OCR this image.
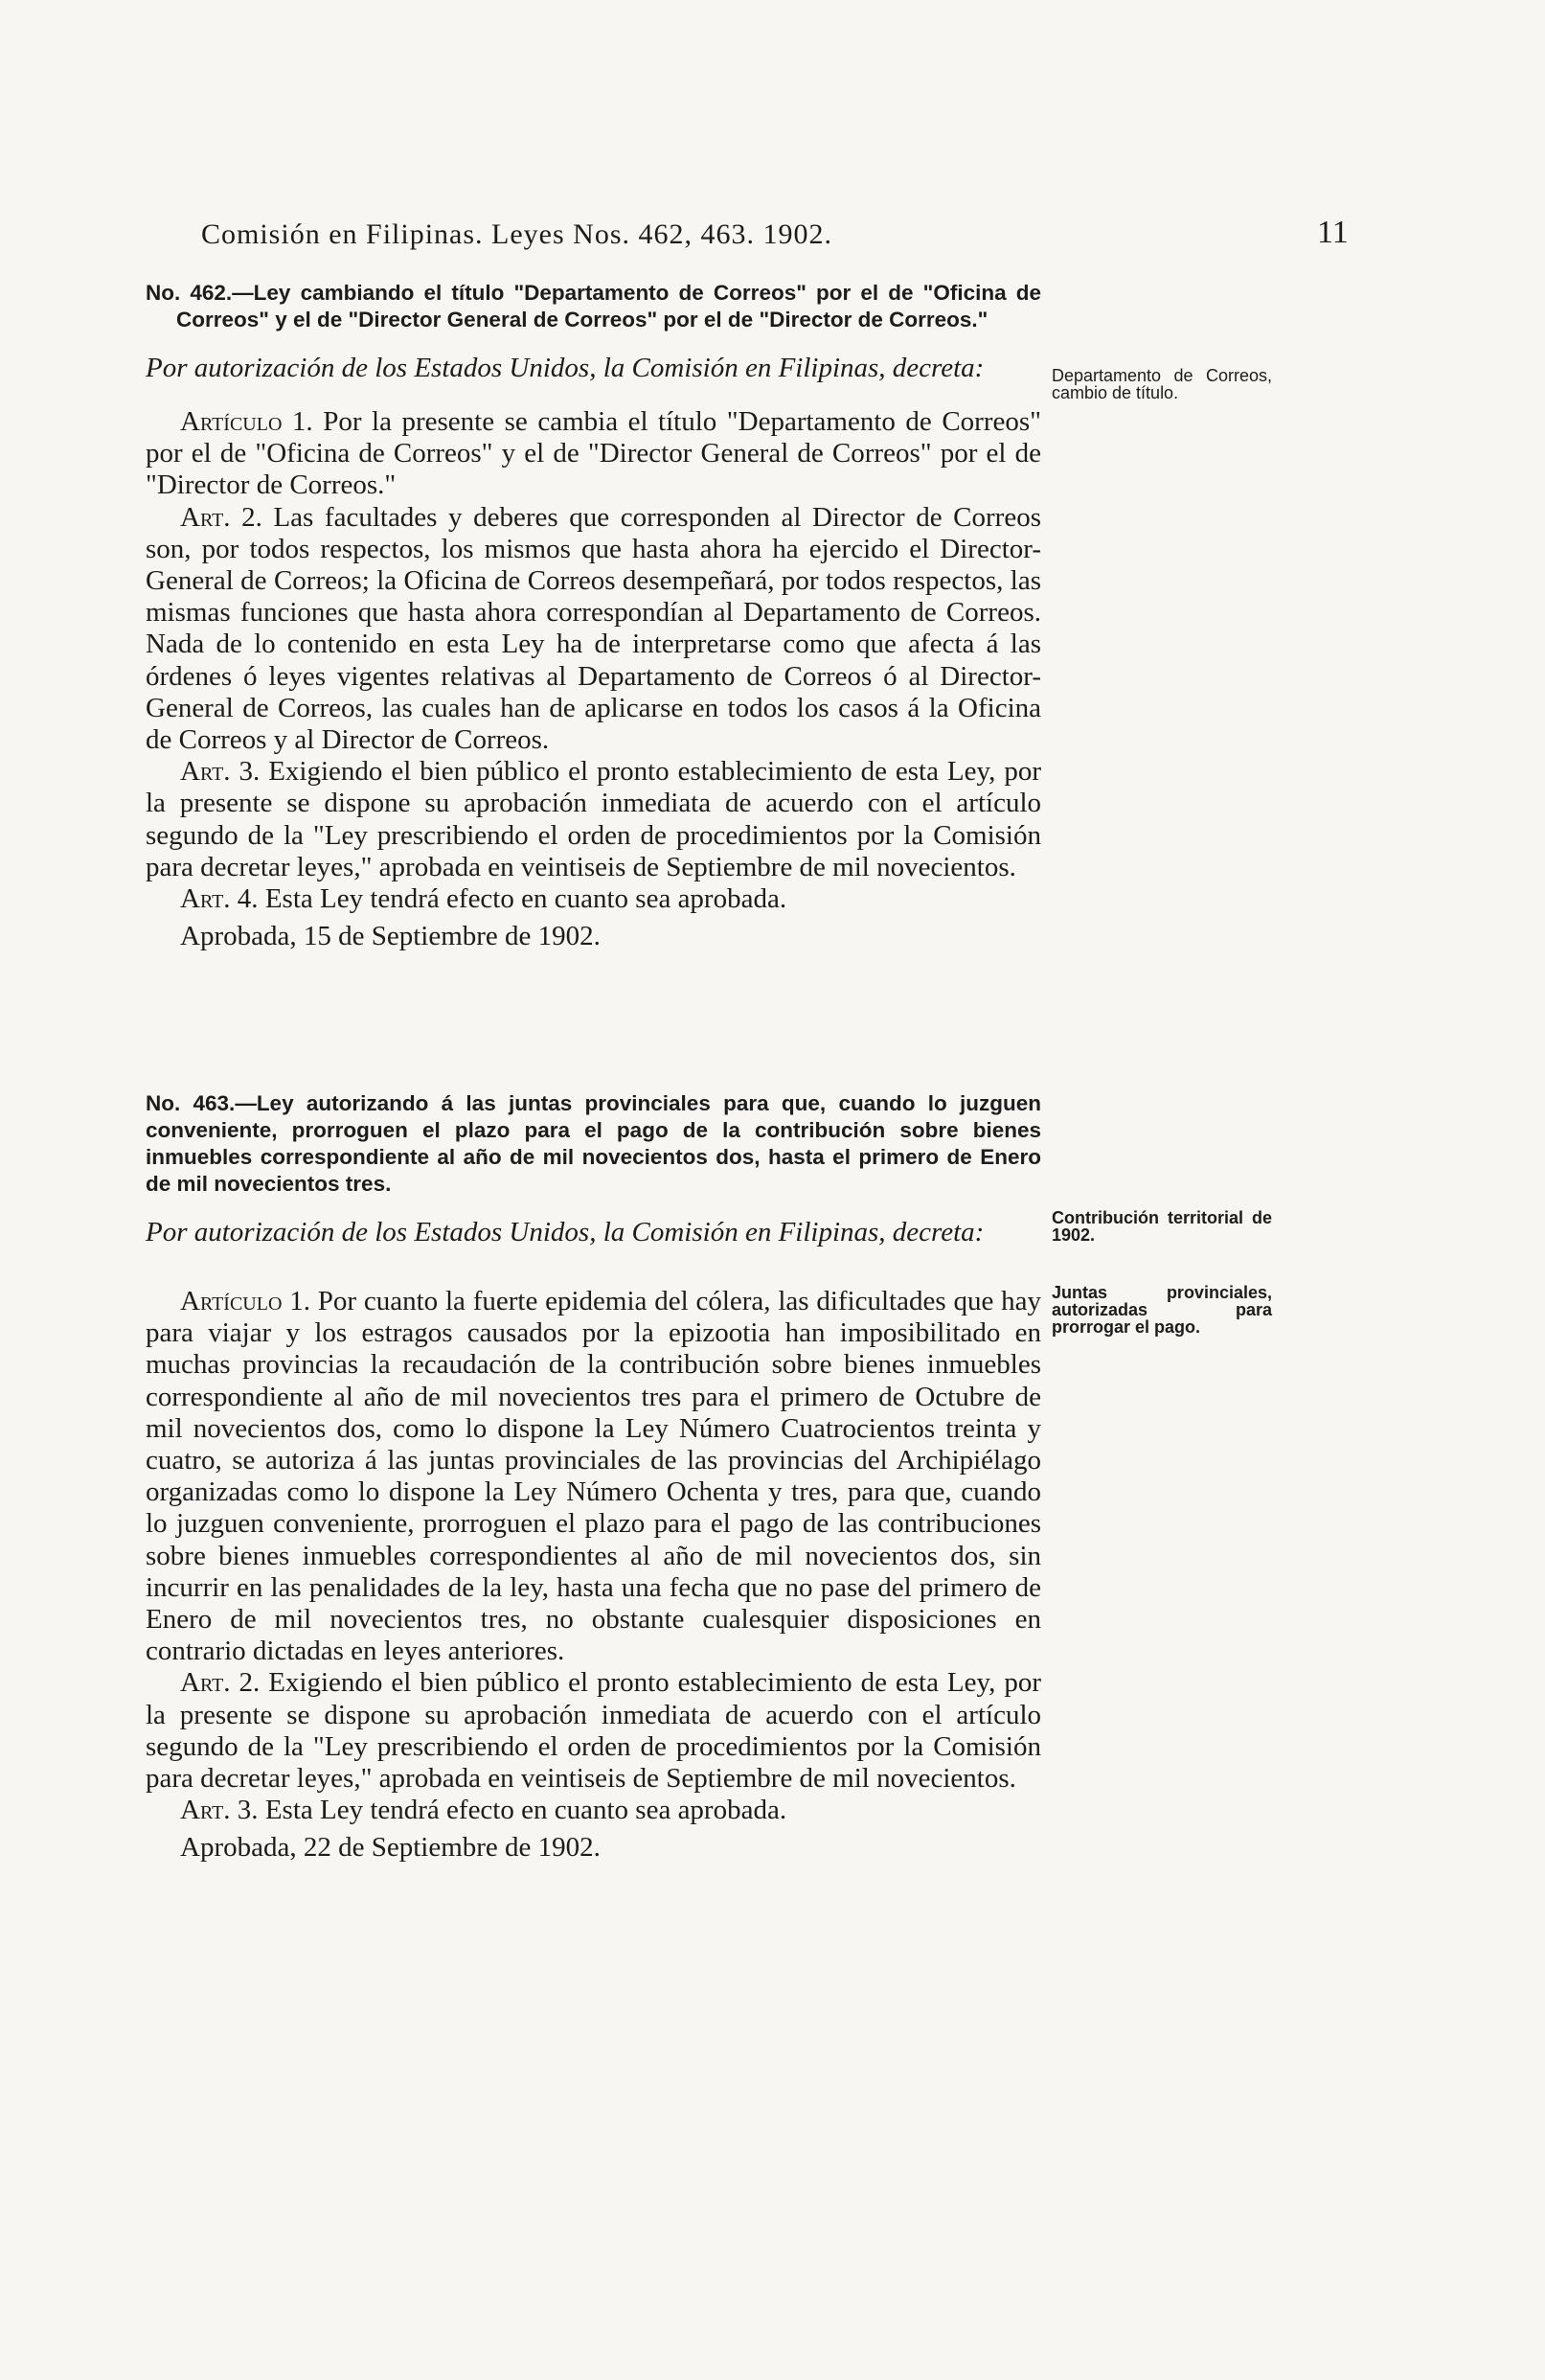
Comisión en Filipinas. Leyes Nos. 462, 463. 1902.	11

No. 462.—Ley cambiando el título "Departamento de Correos" por el de "Oficina de Correos" y el de "Director General de Correos" por el de "Director de Correos."

Por autorización de los Estados Unidos, la Comisión en Filipinas, decreta:

Artículo 1. Por la presente se cambia el título "Departamento de Correos" por el de "Oficina de Correos" y el de "Director General de Correos" por el de "Director de Correos."

Art. 2. Las facultades y deberes que corresponden al Director de Correos son, por todos respectos, los mismos que hasta ahora ha ejercido el Director-General de Correos; la Oficina de Correos desempeñará, por todos respectos, las mismas funciones que hasta ahora correspondían al Departamento de Correos. Nada de lo contenido en esta Ley ha de interpretarse como que afecta á las órdenes ó leyes vigentes relativas al Departamento de Correos ó al Director-General de Correos, las cuales han de aplicarse en todos los casos á la Oficina de Correos y al Director de Correos.

Art. 3. Exigiendo el bien público el pronto establecimiento de esta Ley, por la presente se dispone su aprobación inmediata de acuerdo con el artículo segundo de la "Ley prescribiendo el orden de procedimientos por la Comisión para decretar leyes," aprobada en veintiseis de Septiembre de mil novecientos.

Art. 4. Esta Ley tendrá efecto en cuanto sea aprobada.

Aprobada, 15 de Septiembre de 1902.

Departamento de Correos, cambio de título.

No. 463.—Ley autorizando á las juntas provinciales para que, cuando lo juzguen conveniente, prorroguen el plazo para el pago de la contribución sobre bienes inmuebles correspondiente al año de mil novecientos dos, hasta el primero de Enero de mil novecientos tres.

Por autorización de los Estados Unidos, la Comisión en Filipinas, decreta:

Artículo 1. Por cuanto la fuerte epidemia del cólera, las dificultades que hay para viajar y los estragos causados por la epizootia han imposibilitado en muchas provincias la recaudación de la contribución sobre bienes inmuebles correspondiente al año de mil novecientos tres para el primero de Octubre de mil novecientos dos, como lo dispone la Ley Número Cuatrocientos treinta y cuatro, se autoriza á las juntas provinciales de las provincias del Archipiélago organizadas como lo dispone la Ley Número Ochenta y tres, para que, cuando lo juzguen conveniente, prorroguen el plazo para el pago de las contribuciones sobre bienes inmuebles correspondientes al año de mil novecientos dos, sin incurrir en las penalidades de la ley, hasta una fecha que no pase del primero de Enero de mil novecientos tres, no obstante cualesquier disposiciones en contrario dictadas en leyes anteriores.

Art. 2. Exigiendo el bien público el pronto establecimiento de esta Ley, por la presente se dispone su aprobación inmediata de acuerdo con el artículo segundo de la "Ley prescribiendo el orden de procedimientos por la Comisión para decretar leyes," aprobada en veintiseis de Septiembre de mil novecientos.

Art. 3. Esta Ley tendrá efecto en cuanto sea aprobada.

Aprobada, 22 de Septiembre de 1902.

Contribución territorial de 1902.
Juntas provinciales, autorizadas para prorrogar el pago.
